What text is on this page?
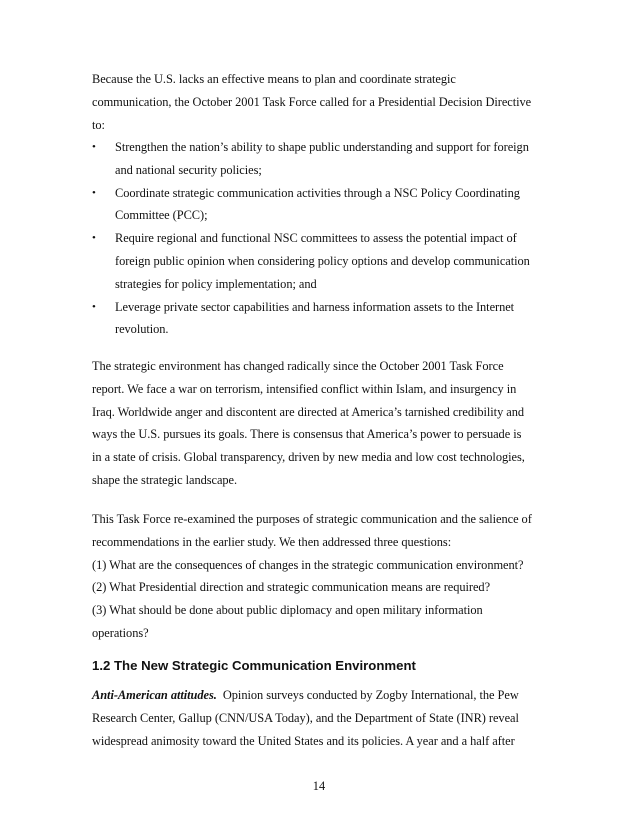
Because the U.S. lacks an effective means to plan and coordinate strategic
communication, the October 2001 Task Force called for a Presidential Decision Directive
to:
• Strengthen the nation’s ability to shape public understanding and support for foreign
and national security policies;
• Coordinate strategic communication activities through a NSC Policy Coordinating
Committee (PCC);
• Require regional and functional NSC committees to assess the potential impact of
foreign public opinion when considering policy options and develop communication
strategies for policy implementation; and
• Leverage private sector capabilities and harness information assets to the Internet
revolution.
The strategic environment has changed radically since the October 2001 Task Force
report. We face a war on terrorism, intensified conflict within Islam, and insurgency in
Iraq. Worldwide anger and discontent are directed at America’s tarnished credibility and
ways the U.S. pursues its goals. There is consensus that America’s power to persuade is
in a state of crisis. Global transparency, driven by new media and low cost technologies,
shape the strategic landscape.
This Task Force re-examined the purposes of strategic communication and the salience of
recommendations in the earlier study. We then addressed three questions:
(1) What are the consequences of changes in the strategic communication environment?
(2) What Presidential direction and strategic communication means are required?
(3) What should be done about public diplomacy and open military information
operations?
1.2 The New Strategic Communication Environment
Anti-American attitudes.  Opinion surveys conducted by Zogby International, the Pew
Research Center, Gallup (CNN/USA Today), and the Department of State (INR) reveal
widespread animosity toward the United States and its policies. A year and a half after
14
